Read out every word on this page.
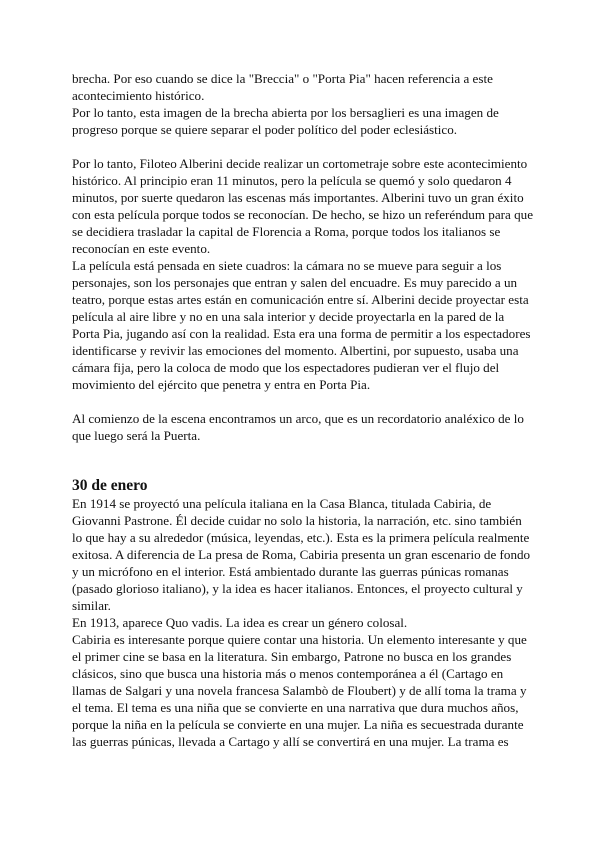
brecha. Por eso cuando se dice la "Breccia" o "Porta Pia" hacen referencia a este acontecimiento histórico.

Por lo tanto, esta imagen de la brecha abierta por los bersaglieri es una imagen de progreso porque se quiere separar el poder político del poder eclesiástico.

Por lo tanto, Filoteo Alberini decide realizar un cortometraje sobre este acontecimiento histórico. Al principio eran 11 minutos, pero la película se quemó y solo quedaron 4 minutos, por suerte quedaron las escenas más importantes. Alberini tuvo un gran éxito con esta película porque todos se reconocían. De hecho, se hizo un referéndum para que se decidiera trasladar la capital de Florencia a Roma, porque todos los italianos se reconocían en este evento.

La película está pensada en siete cuadros: la cámara no se mueve para seguir a los personajes, son los personajes que entran y salen del encuadre. Es muy parecido a un teatro, porque estas artes están en comunicación entre sí. Alberini decide proyectar esta película al aire libre y no en una sala interior y decide proyectarla en la pared de la Porta Pia, jugando así con la realidad. Esta era una forma de permitir a los espectadores identificarse y revivir las emociones del momento. Albertini, por supuesto, usaba una cámara fija, pero la coloca de modo que los espectadores pudieran ver el flujo del movimiento del ejército que penetra y entra en Porta Pia.

Al comienzo de la escena encontramos un arco, que es un recordatorio analéxico de lo que luego será la Puerta.

30 de enero

En 1914 se proyectó una película italiana en la Casa Blanca, titulada Cabiria, de Giovanni Pastrone. Él decide cuidar no solo la historia, la narración, etc. sino también lo que hay a su alrededor (música, leyendas, etc.). Esta es la primera película realmente exitosa. A diferencia de La presa de Roma, Cabiria presenta un gran escenario de fondo y un micrófono en el interior. Está ambientado durante las guerras púnicas romanas (pasado glorioso italiano), y la idea es hacer italianos. Entonces, el proyecto cultural y similar.

En 1913, aparece Quo vadis. La idea es crear un género colosal.

Cabiria es interesante porque quiere contar una historia. Un elemento interesante y que el primer cine se basa en la literatura. Sin embargo, Patrone no busca en los grandes clásicos, sino que busca una historia más o menos contemporánea a él (Cartago en llamas de Salgari y una novela francesa Salambò de Floubert) y de allí toma la trama y el tema. El tema es una niña que se convierte en una narrativa que dura muchos años, porque la niña en la película se convierte en una mujer. La niña es secuestrada durante las guerras púnicas, llevada a Cartago y allí se convertirá en una mujer. La trama es
